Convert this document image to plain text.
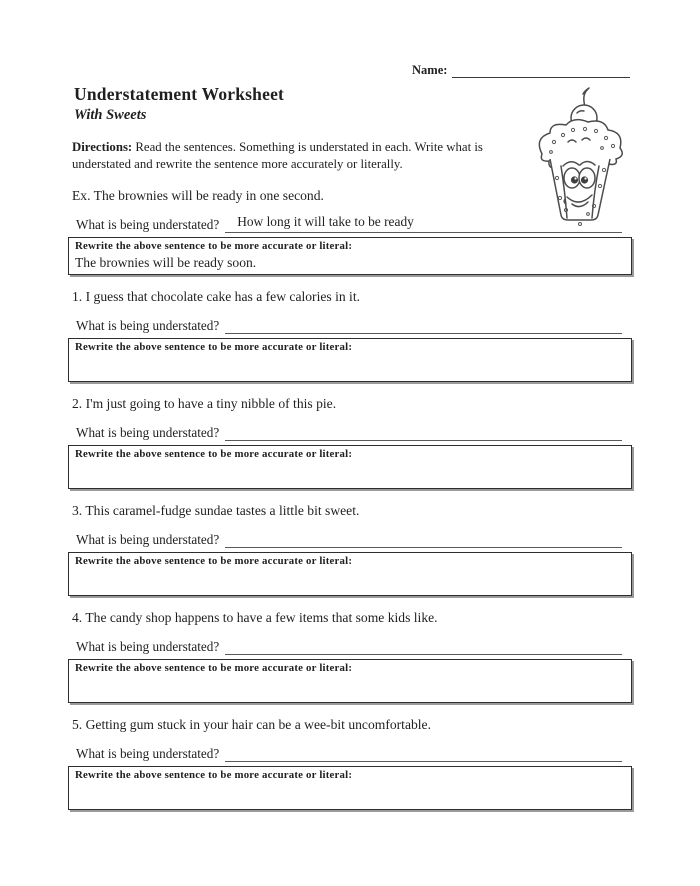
Name:
Understatement Worksheet
With Sweets
Directions: Read the sentences. Something is understated in each. Write what is understated and rewrite the sentence more accurately or literally.
Ex. The brownies will be ready in one second.
What is being understated?	How long it will take to be ready
Rewrite the above sentence to be more accurate or literal:
The brownies will be ready soon.
1. I guess that chocolate cake has a few calories in it.
What is being understated?
Rewrite the above sentence to be more accurate or literal:
2. I'm just going to have a tiny nibble of this pie.
What is being understated?
Rewrite the above sentence to be more accurate or literal:
3. This caramel-fudge sundae tastes a little bit sweet.
What is being understated?
Rewrite the above sentence to be more accurate or literal:
4. The candy shop happens to have a few items that some kids like.
What is being understated?
Rewrite the above sentence to be more accurate or literal:
5. Getting gum stuck in your hair can be a wee-bit uncomfortable.
What is being understated?
Rewrite the above sentence to be more accurate or literal:
